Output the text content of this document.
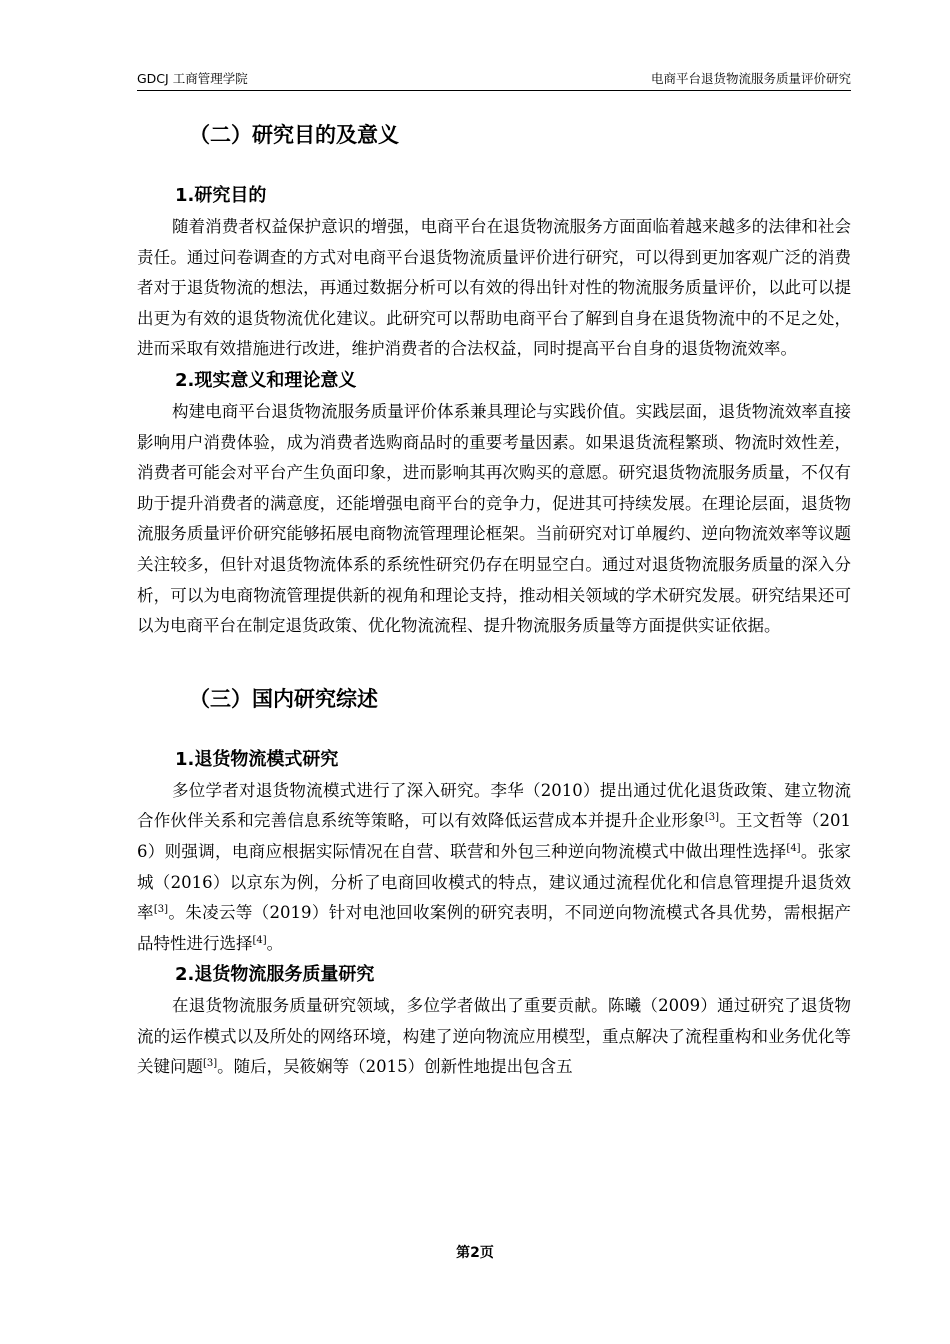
GDCJ 工商管理学院	电商平台退货物流服务质量评价研究
（二）研究目的及意义
1.研究目的

随着消费者权益保护意识的增强，电商平台在退货物流服务方面面临着越来越多的法律和社会责任。通过问卷调查的方式对电商平台退货物流质量评价进行研究，可以得到更加客观广泛的消费者对于退货物流的想法，再通过数据分析可以有效的得出针对性的物流服务质量评价，以此可以提出更为有效的退货物流优化建议。此研究可以帮助电商平台了解到自身在退货物流中的不足之处，进而采取有效措施进行改进，维护消费者的合法权益，同时提高平台自身的退货物流效率。

2.现实意义和理论意义

构建电商平台退货物流服务质量评价体系兼具理论与实践价值。实践层面，退货物流效率直接影响用户消费体验，成为消费者选购商品时的重要考量因素。如果退货流程繁琐、物流时效性差，消费者可能会对平台产生负面印象，进而影响其再次购买的意愿。研究退货物流服务质量，不仅有助于提升消费者的满意度，还能增强电商平台的竞争力，促进其可持续发展。在理论层面，退货物流服务质量评价研究能够拓展电商物流管理理论框架。当前研究对订单履约、逆向物流效率等议题关注较多，但针对退货物流体系的系统性研究仍存在明显空白。通过对退货物流服务质量的深入分析，可以为电商物流管理提供新的视角和理论支持，推动相关领域的学术研究发展。研究结果还可以为电商平台在制定退货政策、优化物流流程、提升物流服务质量等方面提供实证依据。

（三）国内研究综述
1.退货物流模式研究

多位学者对退货物流模式进行了深入研究。李华（2010）提出通过优化退货政策、建立物流合作伙伴关系和完善信息系统等策略，可以有效降低运营成本并提升企业形象[3]。王文哲等（2016）则强调，电商应根据实际情况在自营、联营和外包三种逆向物流模式中做出理性选择[4]。张家城（2016）以京东为例，分析了电商回收模式的特点，建议通过流程优化和信息管理提升退货效率[3]。朱凌云等（2019）针对电池回收案例的研究表明，不同逆向物流模式各具优势，需根据产品特性进行选择[4]。

2.退货物流服务质量研究

在退货物流服务质量研究领域，多位学者做出了重要贡献。陈曦（2009）通过研究了退货物流的运作模式以及所处的网络环境，构建了逆向物流应用模型，重点解决了流程重构和业务优化等关键问题[3]。随后，吴筱娴等（2015）创新性地提出包含五

第2页
